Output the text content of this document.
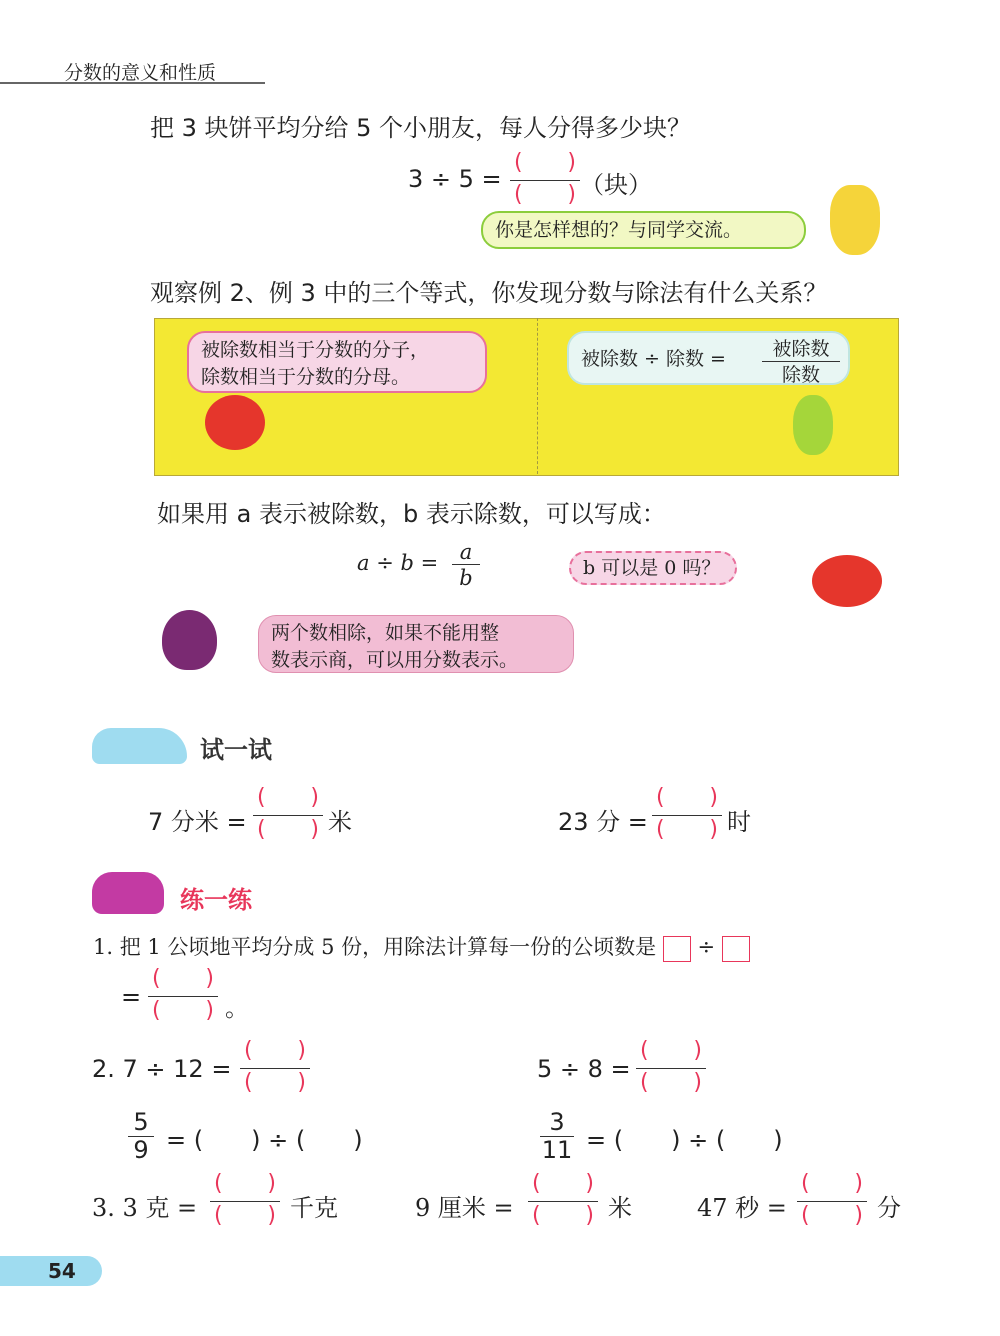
分数的意义和性质
把 3 块饼平均分给 5 个小朋友，每人分得多少块？
3 ÷ 5 =
( )
( ) （块）
你是怎样想的？与同学交流。
观察例 2、例 3 中的三个等式，你发现分数与除法有什么关系？
被除数相当于分数的分子，
除数相当于分数的分母。
被除数 ÷ 除数 =	被除数
除数
如果用 a 表示被除数，b 表示除数，可以写成：
a ÷ b =	a
b	b 可以是 0 吗？
两个数相除，如果不能用整
数表示商，可以用分数表示。
试一试
7 分米 =
( )
( ) 米	23 分 =
( )
( ) 时
练一练
1. 把 1 公顷地平均分成 5 份，用除法计算每一份的公顷数是 ÷
=
( )
( ) 。
2. 7 ÷ 12 =
( )
( )	5 ÷ 8 =
( )
( )
5
9 = (　　) ÷ (　　)
3
11 = (　　) ÷ (　　)
3. 3 克 =
( )
( ) 千克	9 厘米 =
( )
( ) 米	47 秒 =
( )
( ) 分
54
